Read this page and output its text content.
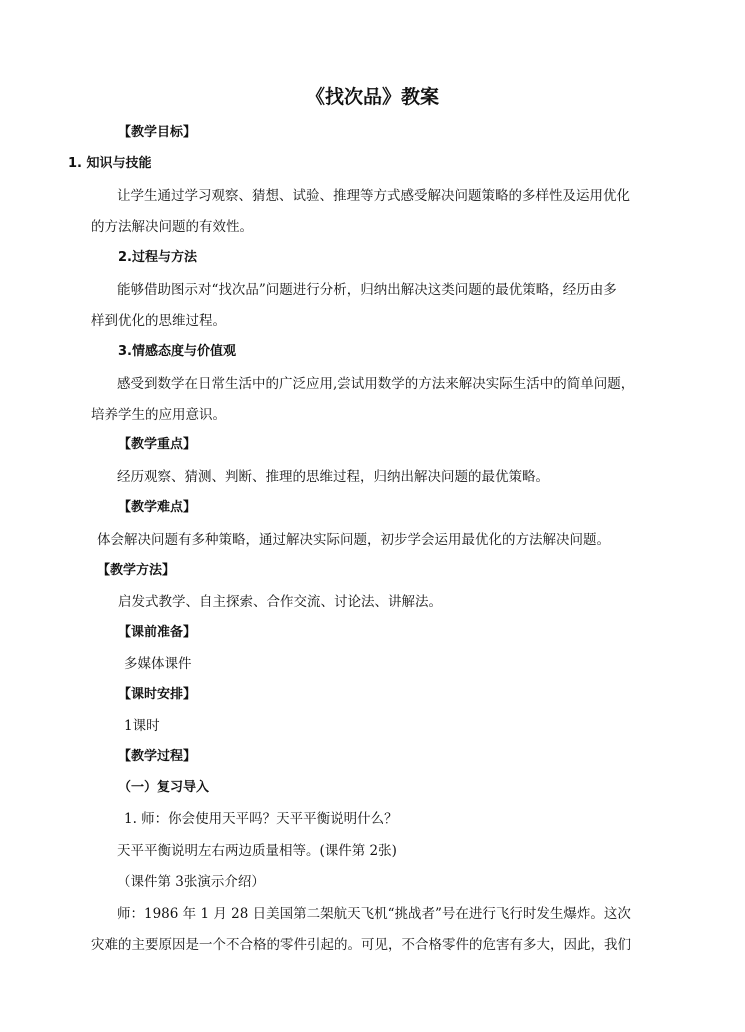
《找次品》教案
【教学目标】
1. 知识与技能
让学生通过学习观察、猜想、试验、推理等方式感受解决问题策略的多样性及运用优化
的方法解决问题的有效性。
2.过程与方法
能够借助图示对“找次品”问题进行分析，归纳出解决这类问题的最优策略，经历由多
样到优化的思维过程。
3.情感态度与价值观
感受到数学在日常生活中的广泛应用,尝试用数学的方法来解决实际生活中的简单问题，
培养学生的应用意识。
【教学重点】
经历观察、猜测、判断、推理的思维过程，归纳出解决问题的最优策略。
【教学难点】
体会解决问题有多种策略，通过解决实际问题，初步学会运用最优化的方法解决问题。
【教学方法】
启发式教学、自主探索、合作交流、讨论法、讲解法。
【课前准备】
多媒体课件
【课时安排】
1课时
【教学过程】
（一）复习导入
1. 师：你会使用天平吗？天平平衡说明什么？
天平平衡说明左右两边质量相等。(课件第 2张)
（课件第 3张演示介绍）
师：1986 年 1 月 28 日美国第二架航天飞机“挑战者”号在进行飞行时发生爆炸。这次
灾难的主要原因是一个不合格的零件引起的。可见，不合格零件的危害有多大，因此，我们
